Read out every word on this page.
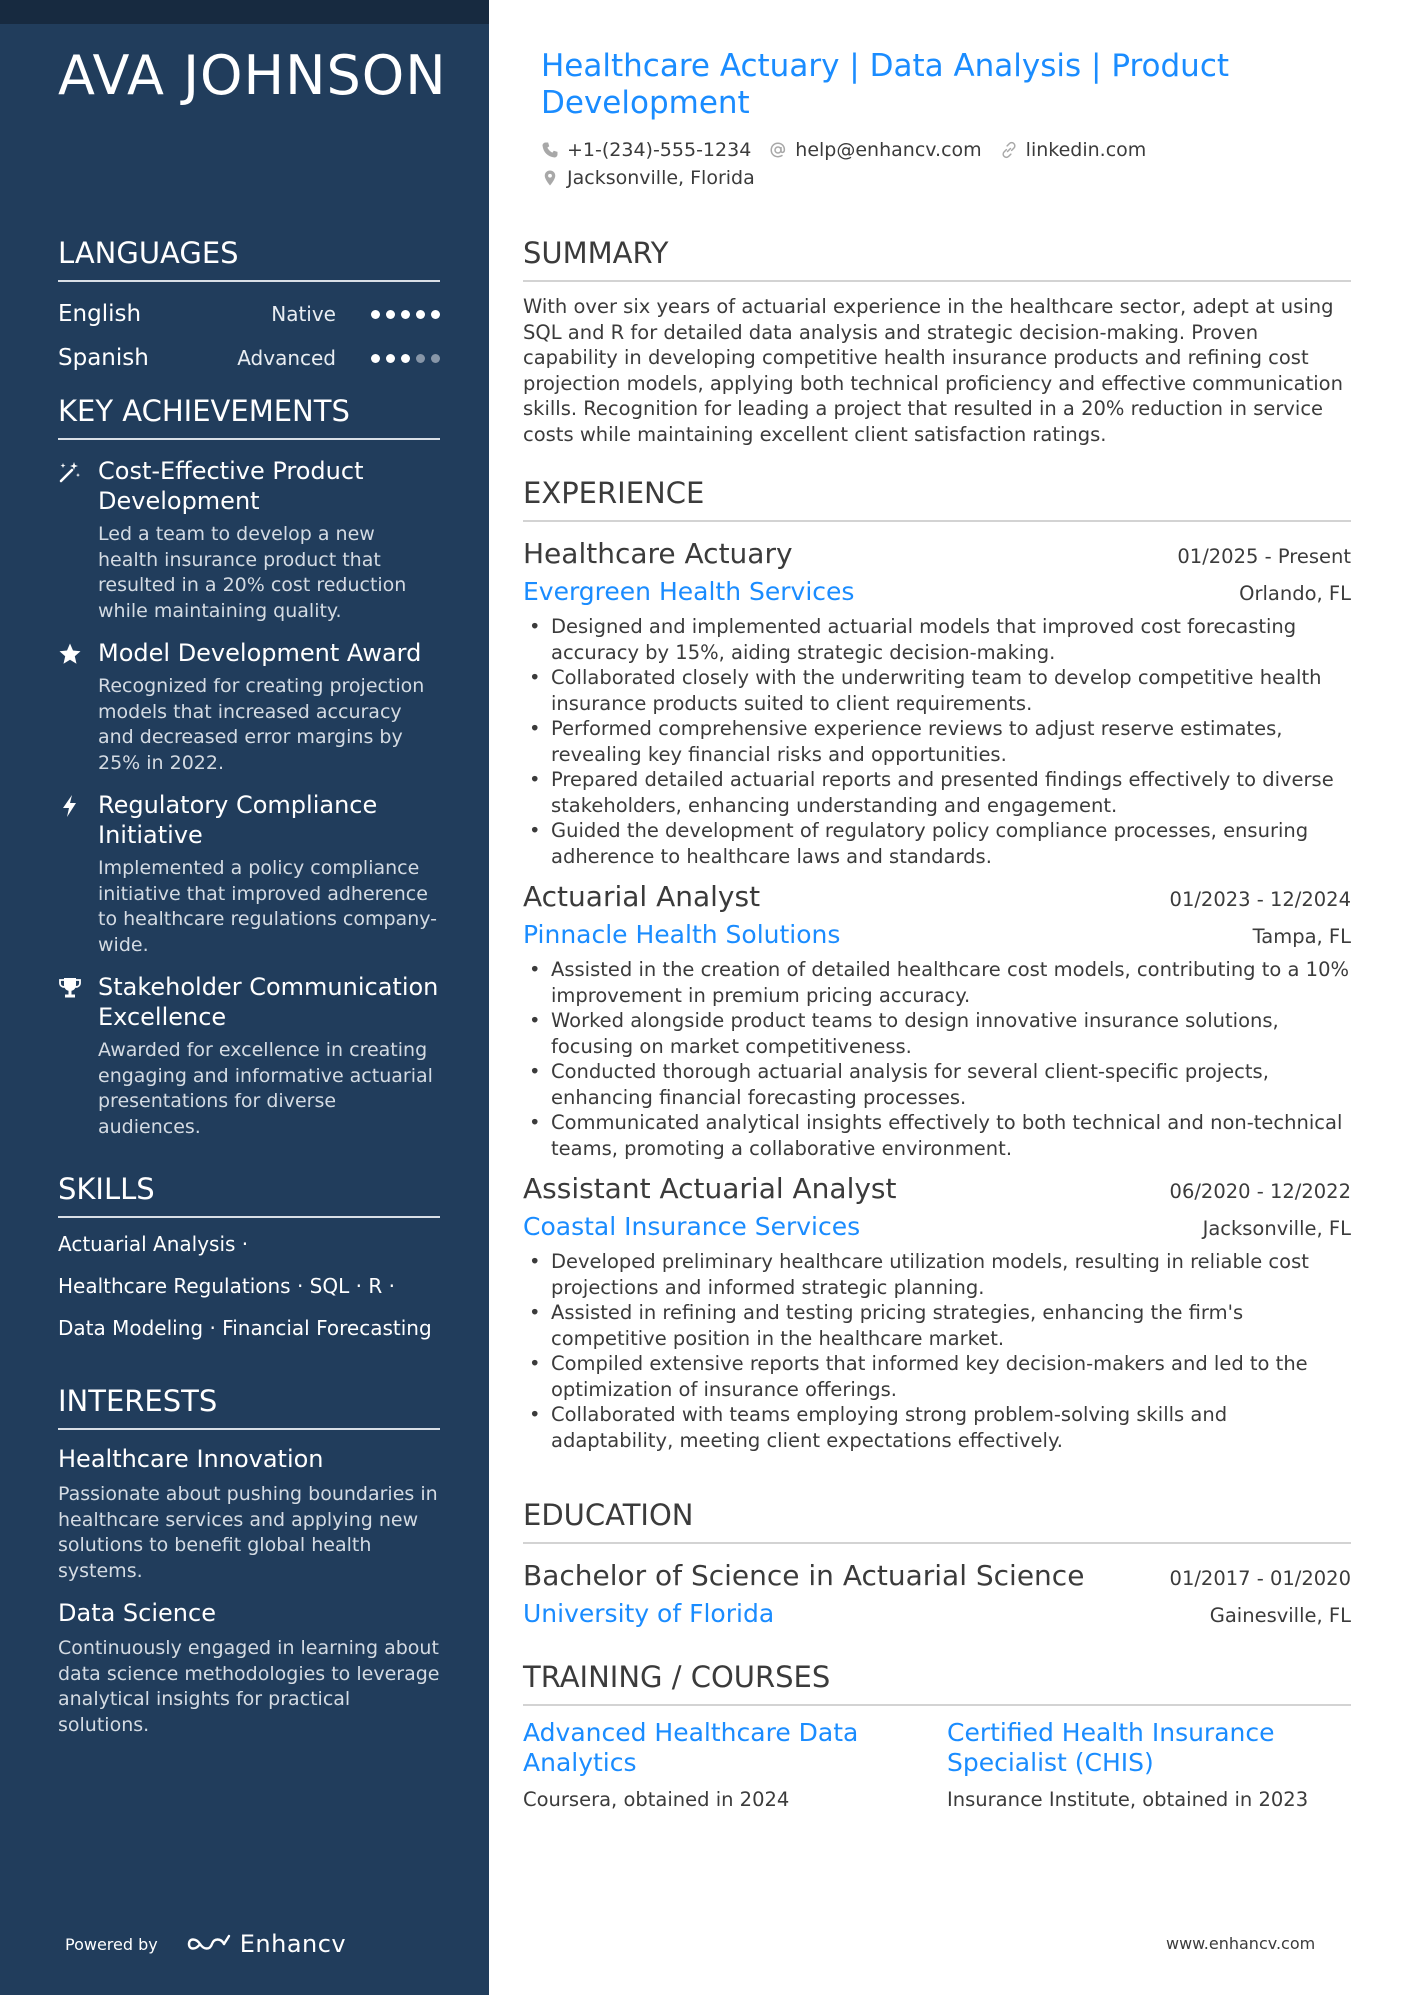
AVA JOHNSON
LANGUAGES
English	Native
Spanish	Advanced
KEY ACHIEVEMENTS
Cost-Effective Product Development
Led a team to develop a new health insurance product that resulted in a 20% cost reduction while maintaining quality.
Model Development Award
Recognized for creating projection models that increased accuracy and decreased error margins by 25% in 2022.
Regulatory Compliance Initiative
Implemented a policy compliance initiative that improved adherence to healthcare regulations company-wide.
Stakeholder Communication Excellence
Awarded for excellence in creating engaging and informative actuarial presentations for diverse audiences.
SKILLS
Actuarial Analysis ·
Healthcare Regulations · SQL · R ·
Data Modeling · Financial Forecasting
INTERESTS
Healthcare Innovation
Passionate about pushing boundaries in healthcare services and applying new solutions to benefit global health systems.
Data Science
Continuously engaged in learning about data science methodologies to leverage analytical insights for practical solutions.
Powered by	Enhancv
Healthcare Actuary | Data Analysis | Product Development
+1-(234)-555-1234 help@enhancv.com linkedin.com
Jacksonville, Florida
SUMMARY
With over six years of actuarial experience in the healthcare sector, adept at using SQL and R for detailed data analysis and strategic decision-making. Proven capability in developing competitive health insurance products and refining cost projection models, applying both technical proficiency and effective communication skills. Recognition for leading a project that resulted in a 20% reduction in service costs while maintaining excellent client satisfaction ratings.
EXPERIENCE
Healthcare Actuary	01/2025 - Present
Evergreen Health Services	Orlando, FL
• Designed and implemented actuarial models that improved cost forecasting accuracy by 15%, aiding strategic decision-making.
• Collaborated closely with the underwriting team to develop competitive health insurance products suited to client requirements.
• Performed comprehensive experience reviews to adjust reserve estimates, revealing key financial risks and opportunities.
• Prepared detailed actuarial reports and presented findings effectively to diverse stakeholders, enhancing understanding and engagement.
• Guided the development of regulatory policy compliance processes, ensuring adherence to healthcare laws and standards.
Actuarial Analyst	01/2023 - 12/2024
Pinnacle Health Solutions	Tampa, FL
• Assisted in the creation of detailed healthcare cost models, contributing to a 10% improvement in premium pricing accuracy.
• Worked alongside product teams to design innovative insurance solutions, focusing on market competitiveness.
• Conducted thorough actuarial analysis for several client-specific projects, enhancing financial forecasting processes.
• Communicated analytical insights effectively to both technical and non-technical teams, promoting a collaborative environment.
Assistant Actuarial Analyst	06/2020 - 12/2022
Coastal Insurance Services	Jacksonville, FL
• Developed preliminary healthcare utilization models, resulting in reliable cost projections and informed strategic planning.
• Assisted in refining and testing pricing strategies, enhancing the firm's competitive position in the healthcare market.
• Compiled extensive reports that informed key decision-makers and led to the optimization of insurance offerings.
• Collaborated with teams employing strong problem-solving skills and adaptability, meeting client expectations effectively.
EDUCATION
Bachelor of Science in Actuarial Science	01/2017 - 01/2020
University of Florida	Gainesville, FL
TRAINING / COURSES
Advanced Healthcare Data Analytics
Coursera, obtained in 2024
Certified Health Insurance Specialist (CHIS)
Insurance Institute, obtained in 2023
www.enhancv.com
